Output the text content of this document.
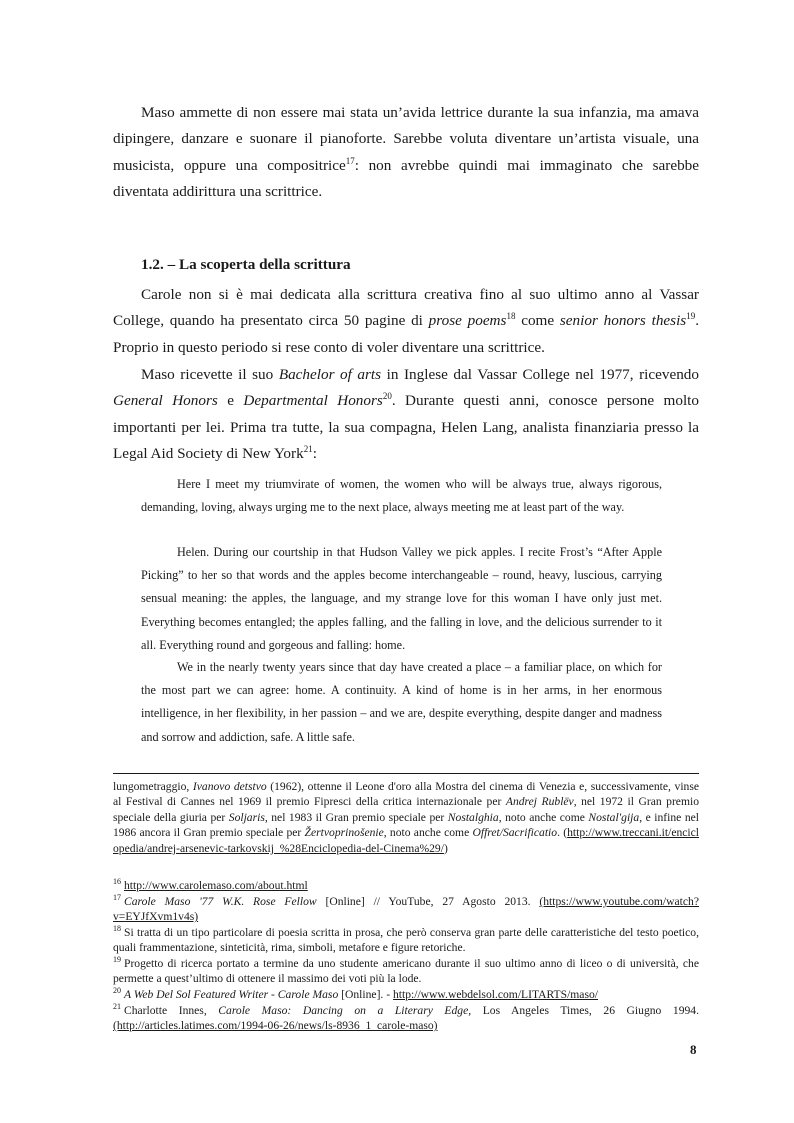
Maso ammette di non essere mai stata un’avida lettrice durante la sua infanzia, ma amava dipingere, danzare e suonare il pianoforte. Sarebbe voluta diventare un’artista visuale, una musicista, oppure una compositrice$^{17}$: non avrebbe quindi mai immaginato che sarebbe diventata addirittura una scrittrice.

1.2. – La scoperta della scrittura

Carole non si è mai dedicata alla scrittura creativa fino al suo ultimo anno al Vassar College, quando ha presentato circa 50 pagine di prose poems$^{18}$ come senior honors thesis$^{19}$. Proprio in questo periodo si rese conto di voler diventare una scrittrice.

Maso ricevette il suo Bachelor of arts in Inglese dal Vassar College nel 1977, ricevendo General Honors e Departmental Honors$^{20}$. Durante questi anni, conosce persone molto importanti per lei. Prima tra tutte, la sua compagna, Helen Lang, analista finanziaria presso la Legal Aid Society di New York$^{21}$:

Here I meet my triumvirate of women, the women who will be always true, always rigorous, demanding, loving, always urging me to the next place, always meeting me at least part of the way.

Helen. During our courtship in that Hudson Valley we pick apples. I recite Frost’s “After Apple Picking” to her so that words and the apples become interchangeable – round, heavy, luscious, carrying sensual meaning: the apples, the language, and my strange love for this woman I have only just met. Everything becomes entangled; the apples falling, and the falling in love, and the delicious surrender to it all. Everything round and gorgeous and falling: home.

We in the nearly twenty years since that day have created a place – a familiar place, on which for the most part we can agree: home. A continuity. A kind of home is in her arms, in her enormous intelligence, in her flexibility, in her passion – and we are, despite everything, despite danger and madness and sorrow and addiction, safe. A little safe.

lungometraggio, Ivanovo detstvo (1962), ottenne il Leone d'oro alla Mostra del cinema di Venezia e, successivamente, vinse al Festival di Cannes nel 1969 il premio Fipresci della critica internazionale per Andrej Rublëv, nel 1972 il Gran premio speciale della giuria per Soljaris, nel 1983 il Gran premio speciale per Nostalghia, noto anche come Nostal'gija, e infine nel 1986 ancora il Gran premio speciale per Žertvoprinošenie, noto anche come Offret/Sacrificatio. (http://www.treccani.it/enciclopedia/andrej-arsenevic-tarkovskij_%28Enciclopedia-del-Cinema%29/)

$^{16}$ http://www.carolemaso.com/about.html

$^{17}$ Carole Maso '77 W.K. Rose Fellow [Online] // YouTube, 27 Agosto 2013. (https://www.youtube.com/watch?v=EYJfXvm1v4s)

$^{18}$ Si tratta di un tipo particolare di poesia scritta in prosa, che però conserva gran parte delle caratteristiche del testo poetico, quali frammentazione, sinteticità, rima, simboli, metafore e figure retoriche.

$^{19}$ Progetto di ricerca portato a termine da uno studente americano durante il suo ultimo anno di liceo o di università, che permette a quest’ultimo di ottenere il massimo dei voti più la lode.

$^{20}$ A Web Del Sol Featured Writer - Carole Maso [Online]. - http://www.webdelsol.com/LITARTS/maso/

$^{21}$ Charlotte Innes, Carole Maso: Dancing on a Literary Edge, Los Angeles Times, 26 Giugno 1994. (http://articles.latimes.com/1994-06-26/news/ls-8936_1_carole-maso)

8
